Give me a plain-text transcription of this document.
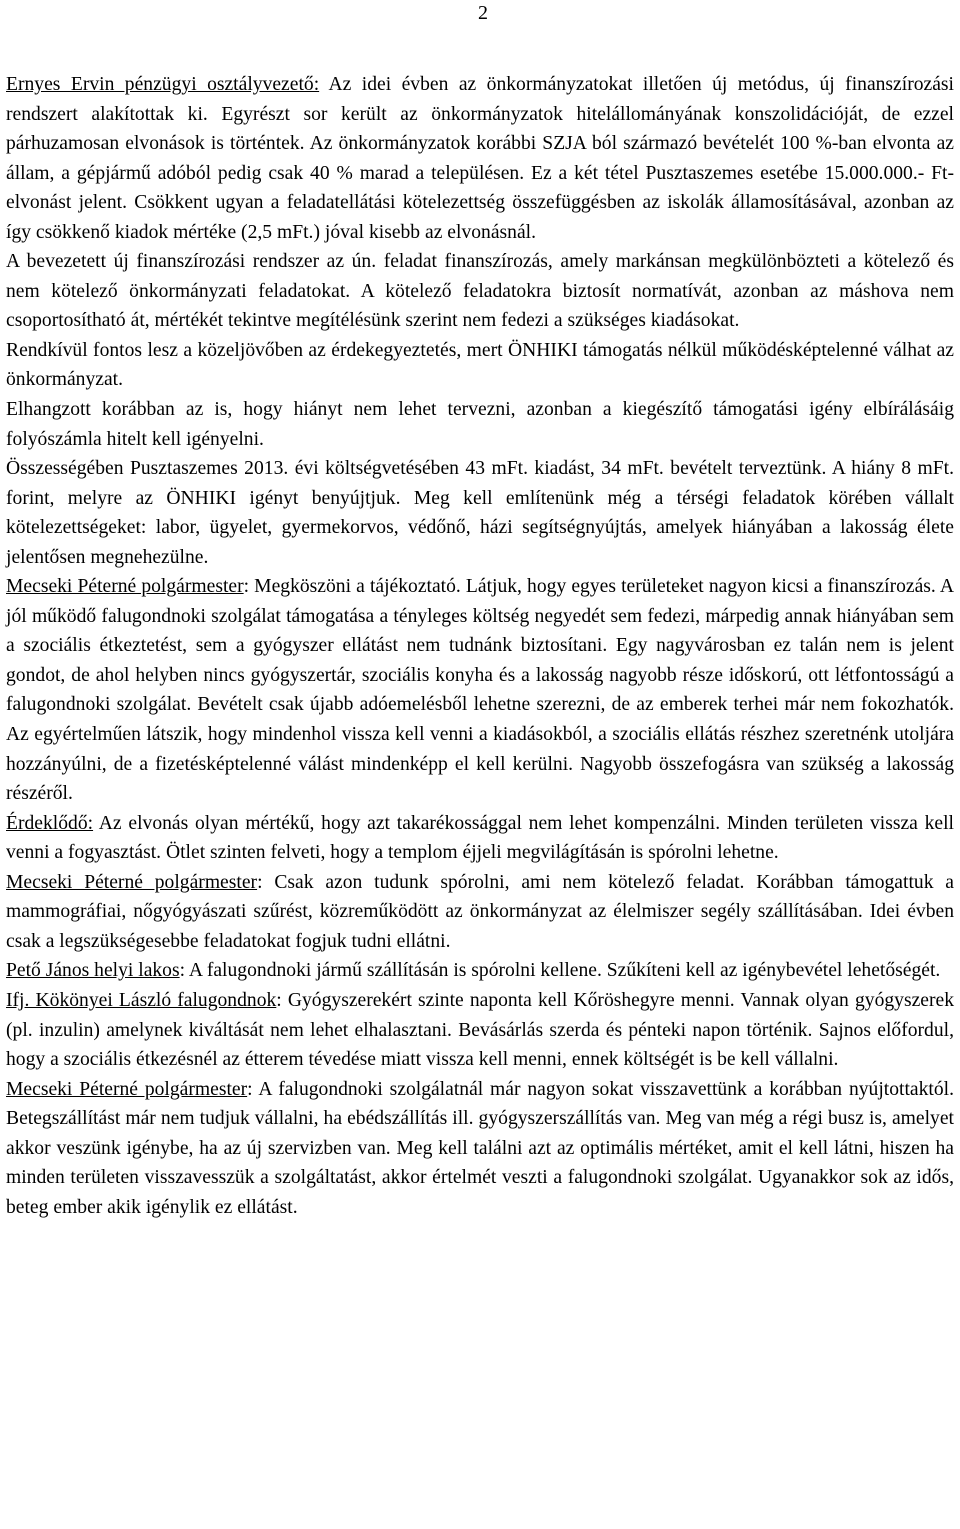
2

Ernyes Ervin pénzügyi osztályvezető: Az idei évben az önkormányzatokat illetően új metódus, új finanszírozási rendszert alakítottak ki. Egyrészt sor került az önkormányzatok hitelállományának konszolidációját, de ezzel párhuzamosan elvonások is történtek. Az önkormányzatok korábbi SZJA ból származó bevételét 100 %-ban elvonta az állam, a gépjármű adóból pedig csak 40 % marad a településen. Ez a két tétel Pusztaszemes esetébe 15.000.000.- Ft- elvonást jelent. Csökkent ugyan a feladatellátási kötelezettség összefüggésben az iskolák államosításával, azonban az így csökkenő kiadok mértéke (2,5 mFt.) jóval kisebb az elvonásnál.

A bevezetett új finanszírozási rendszer az ún. feladat finanszírozás, amely markánsan megkülönbözteti a kötelező és nem kötelező önkormányzati feladatokat. A kötelező feladatokra biztosít normatívát, azonban az máshova nem csoportosítható át, mértékét tekintve megítélésünk szerint nem fedezi a szükséges kiadásokat.

Rendkívül fontos lesz a közeljövőben az érdekegyeztetés, mert ÖNHIKI támogatás nélkül működésképtelenné válhat az önkormányzat.

Elhangzott korábban az is, hogy hiányt nem lehet tervezni, azonban a kiegészítő támogatási igény elbírálásáig folyószámla hitelt kell igényelni.

Összességében Pusztaszemes 2013. évi költségvetésében 43 mFt. kiadást, 34 mFt. bevételt terveztünk. A hiány 8 mFt. forint, melyre az ÖNHIKI igényt benyújtjuk. Meg kell említenünk még a térségi feladatok körében vállalt kötelezettségeket: labor, ügyelet, gyermekorvos, védőnő, házi segítségnyújtás, amelyek hiányában a lakosság élete jelentősen megnehezülne.

Mecseki Péterné polgármester: Megköszöni a tájékoztató. Látjuk, hogy egyes területeket nagyon kicsi a finanszírozás. A jól működő falugondnoki szolgálat támogatása a tényleges költség negyedét sem fedezi, márpedig annak hiányában sem a szociális étkeztetést, sem a gyógyszer ellátást nem tudnánk biztosítani. Egy nagyvárosban ez talán nem is jelent gondot, de ahol helyben nincs gyógyszertár, szociális konyha és a lakosság nagyobb része időskorú, ott létfontosságú a falugondnoki szolgálat. Bevételt csak újabb adóemelésből lehetne szerezni, de az emberek terhei már nem fokozhatók. Az egyértelműen látszik, hogy mindenhol vissza kell venni a kiadásokból, a szociális ellátás részhez szeretnénk utoljára hozzányúlni, de a fizetésképtelenné válást mindenképp el kell kerülni. Nagyobb összefogásra van szükség a lakosság részéről.

Érdeklődő: Az elvonás olyan mértékű, hogy azt takarékossággal nem lehet kompenzálni. Minden területen vissza kell venni a fogyasztást. Ötlet szinten felveti, hogy a templom éjjeli megvilágításán is spórolni lehetne.

Mecseki Péterné polgármester: Csak azon tudunk spórolni, ami nem kötelező feladat. Korábban támogattuk a mammográfiai, nőgyógyászati szűrést, közreműködött az önkormányzat az élelmiszer segély szállításában. Idei évben csak a legszükségesebbe feladatokat fogjuk tudni ellátni.

Pető János helyi lakos: A falugondnoki jármű szállításán is spórolni kellene. Szűkíteni kell az igénybevétel lehetőségét.

Ifj. Kökönyei László falugondnok: Gyógyszerekért szinte naponta kell Kőröshegyre menni. Vannak olyan gyógyszerek (pl. inzulin) amelynek kiváltását nem lehet elhalasztani. Bevásárlás szerda és pénteki napon történik. Sajnos előfordul, hogy a szociális étkezésnél az étterem tévedése miatt vissza kell menni, ennek költségét is be kell vállalni.

Mecseki Péterné polgármester: A falugondnoki szolgálatnál már nagyon sokat visszavettünk a korábban nyújtottaktól. Betegszállítást már nem tudjuk vállalni, ha ebédszállítás ill. gyógyszerszállítás van. Meg van még a régi busz is, amelyet akkor veszünk igénybe, ha az új szervizben van. Meg kell találni azt az optimális mértéket, amit el kell látni, hiszen ha minden területen visszavesszük a szolgáltatást, akkor értelmét veszti a falugondnoki szolgálat. Ugyanakkor sok az idős, beteg ember akik igénylik ez ellátást.
